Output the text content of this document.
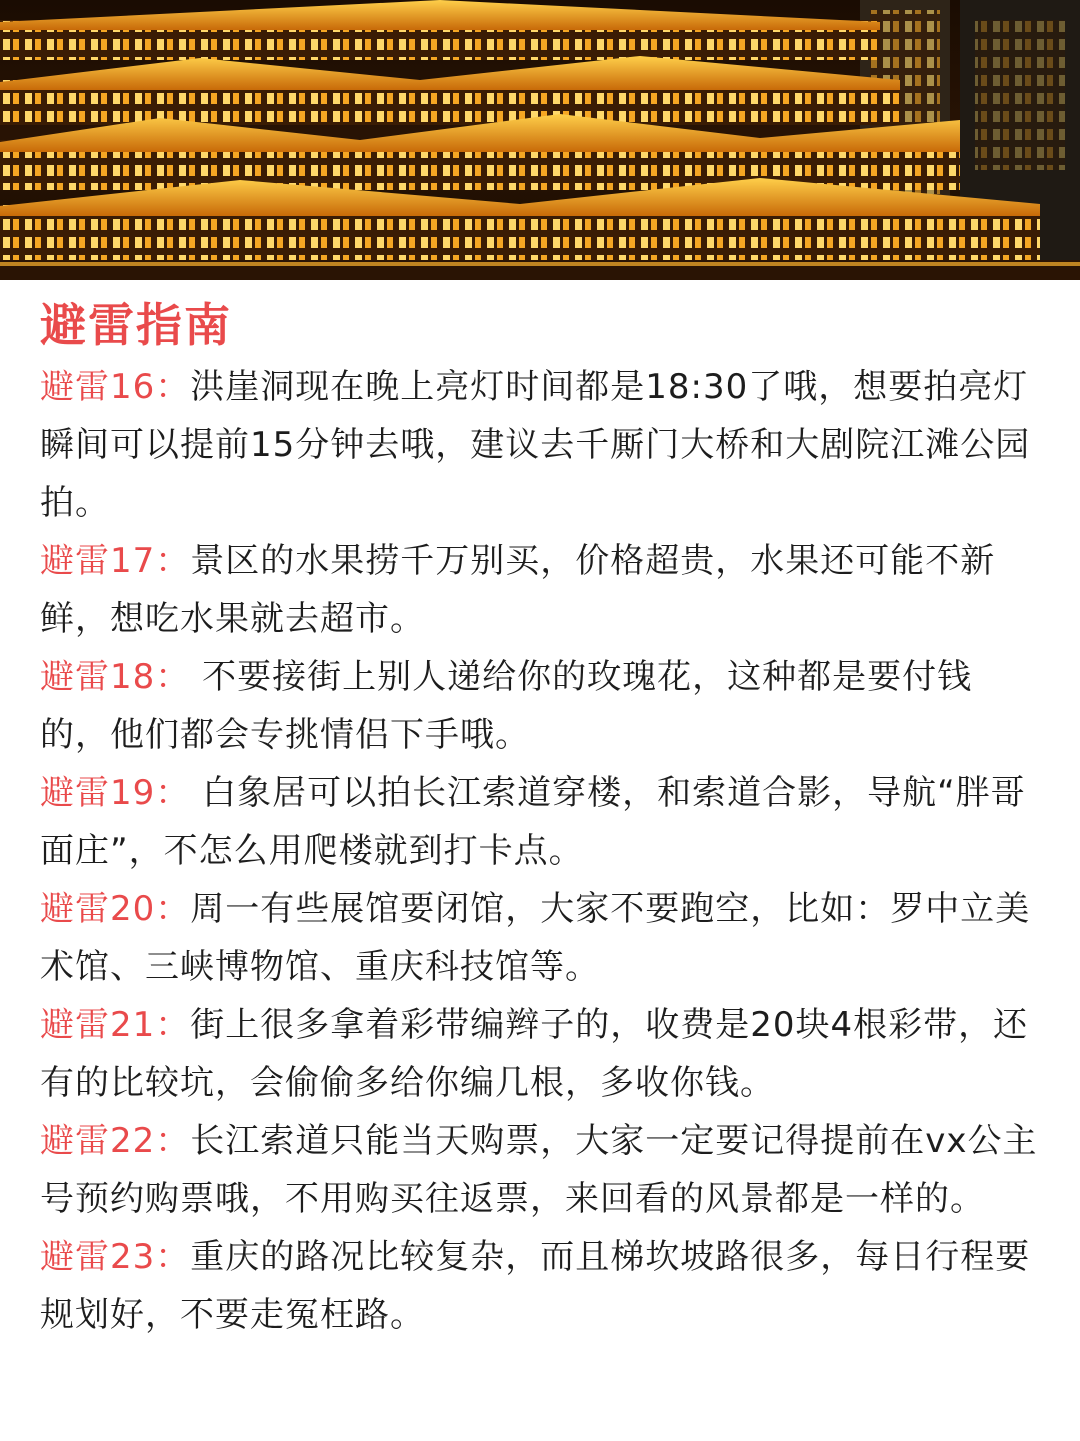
避雷指南

避雷16：洪崖洞现在晚上亮灯时间都是18:30了哦，想要拍亮灯瞬间可以提前15分钟去哦，建议去千厮门大桥和大剧院江滩公园拍。

避雷17：景区的水果捞千万别买，价格超贵，水果还可能不新鲜，想吃水果就去超市。

避雷18： 不要接街上别人递给你的玫瑰花，这种都是要付钱的，他们都会专挑情侣下手哦。

避雷19： 白象居可以拍长江索道穿楼，和索道合影，导航“胖哥面庄”，不怎么用爬楼就到打卡点。

避雷20：周一有些展馆要闭馆，大家不要跑空，比如：罗中立美术馆、三峡博物馆、重庆科技馆等。

避雷21：街上很多拿着彩带编辫子的，收费是20块4根彩带，还有的比较坑，会偷偷多给你编几根，多收你钱。

避雷22：长江索道只能当天购票，大家一定要记得提前在vx公主号预约购票哦，不用购买往返票，来回看的风景都是一样的。

避雷23：重庆的路况比较复杂，而且梯坎坡路很多，每日行程要规划好，不要走冤枉路。
